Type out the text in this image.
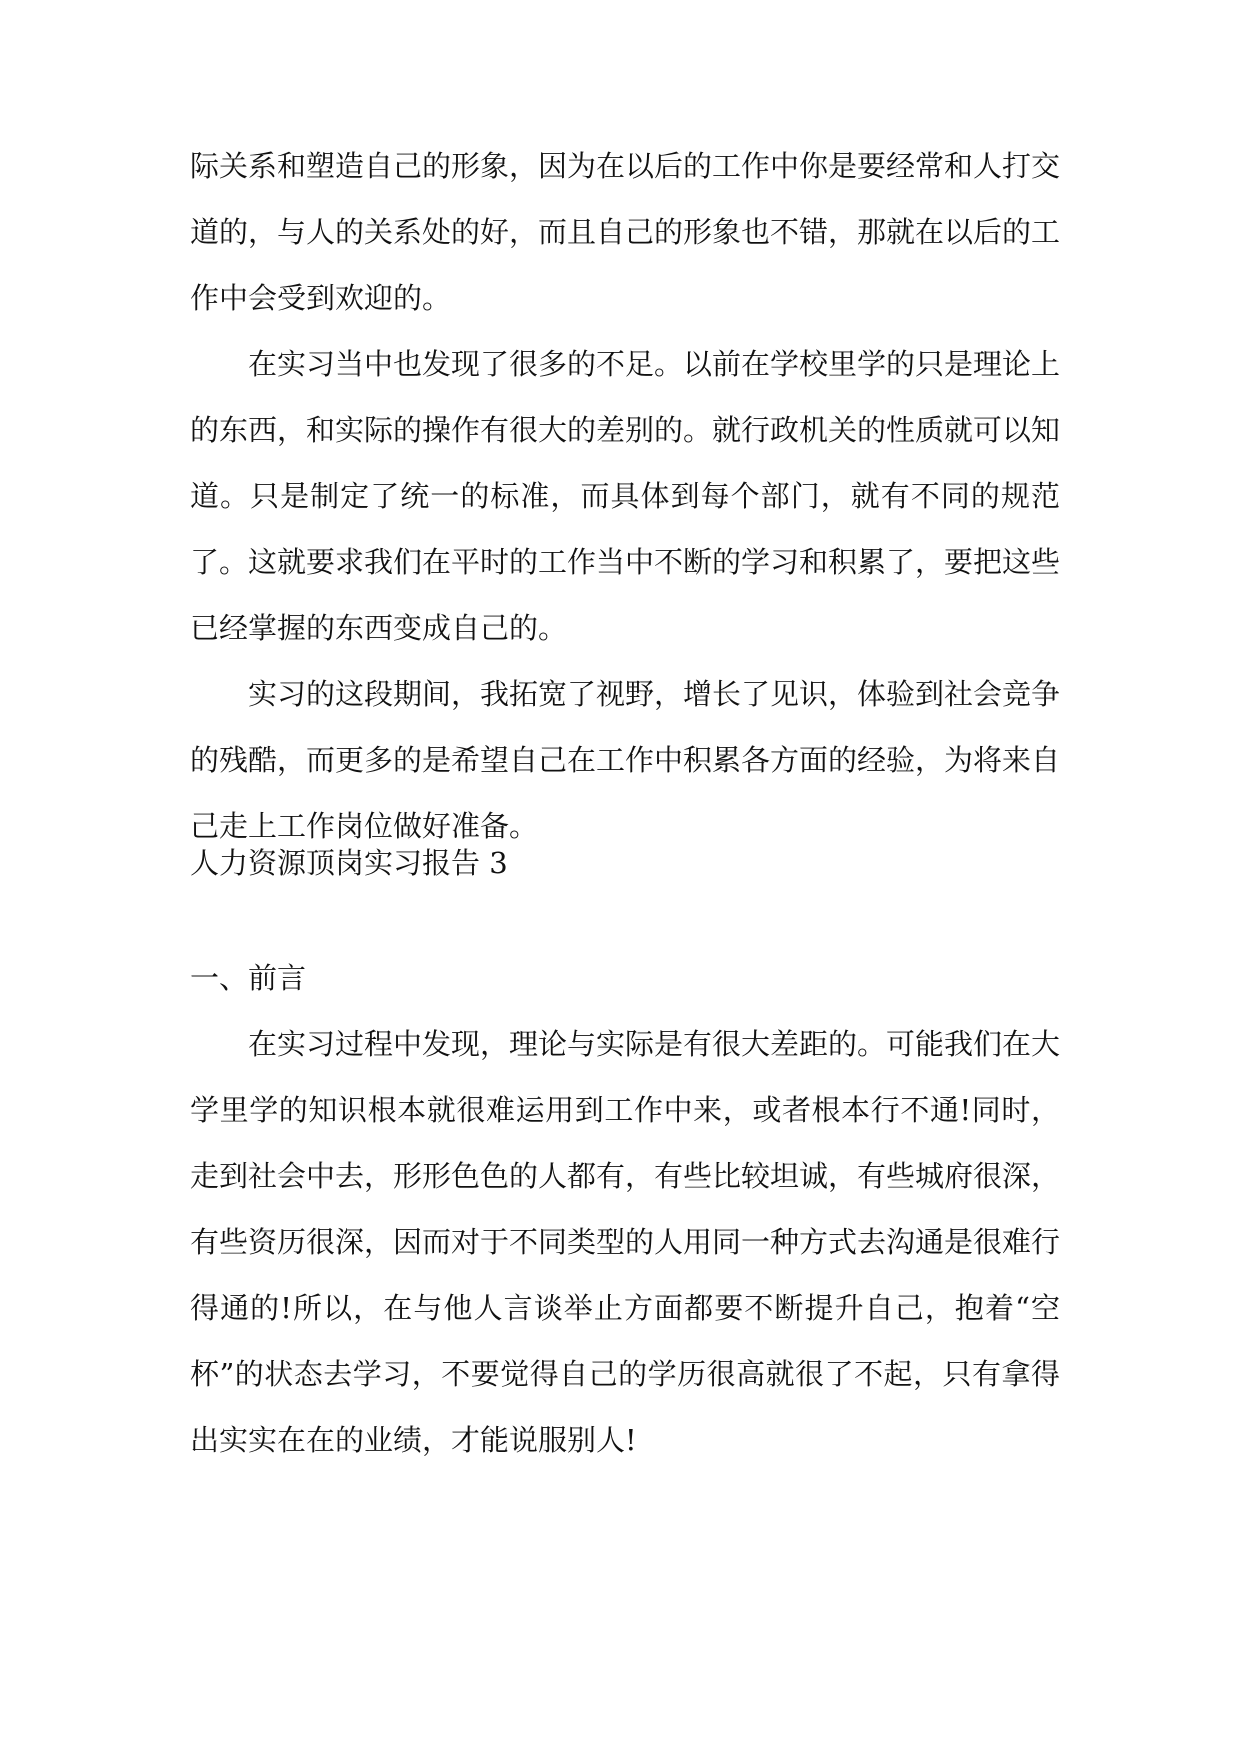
际关系和塑造自己的形象，因为在以后的工作中你是要经常和人打交道的，与人的关系处的好，而且自己的形象也不错，那就在以后的工作中会受到欢迎的。

在实习当中也发现了很多的不足。以前在学校里学的只是理论上的东西，和实际的操作有很大的差别的。就行政机关的性质就可以知道。只是制定了统一的标准，而具体到每个部门，就有不同的规范了。这就要求我们在平时的工作当中不断的学习和积累了，要把这些已经掌握的东西变成自己的。

实习的这段期间，我拓宽了视野，增长了见识，体验到社会竞争的残酷，而更多的是希望自己在工作中积累各方面的经验，为将来自己走上工作岗位做好准备。

人力资源顶岗实习报告 3

一、前言

在实习过程中发现，理论与实际是有很大差距的。可能我们在大学里学的知识根本就很难运用到工作中来，或者根本行不通!同时，走到社会中去，形形色色的人都有，有些比较坦诚，有些城府很深，有些资历很深，因而对于不同类型的人用同一种方式去沟通是很难行得通的!所以，在与他人言谈举止方面都要不断提升自己，抱着“空杯”的状态去学习，不要觉得自己的学历很高就很了不起，只有拿得出实实在在的业绩，才能说服别人!
